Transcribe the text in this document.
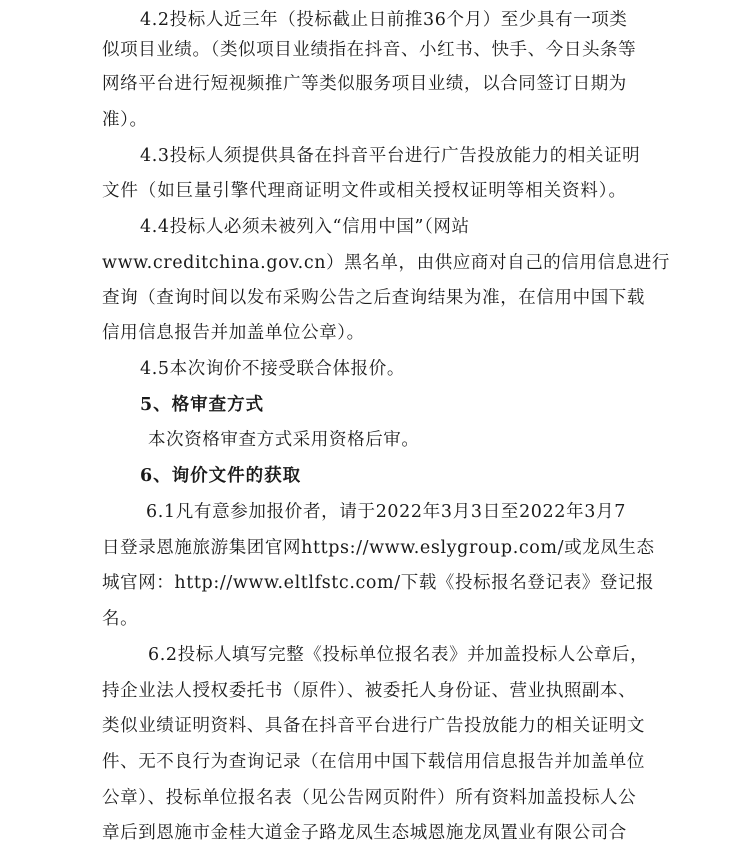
4.2投标人近三年（投标截止日前推36个月）至少具有一项类
似项目业绩。（类似项目业绩指在抖音、小红书、快手、今日头条等
网络平台进行短视频推广等类似服务项目业绩，以合同签订日期为
准）。
4.3投标人须提供具备在抖音平台进行广告投放能力的相关证明
文件（如巨量引擎代理商证明文件或相关授权证明等相关资料）。
4.4投标人必须未被列入“信用中国”（网站
www.creditchina.gov.cn）黑名单，由供应商对自己的信用信息进行
查询（查询时间以发布采购公告之后查询结果为准，在信用中国下载
信用信息报告并加盖单位公章）。
4.5本次询价不接受联合体报价。
5、格审查方式
本次资格审查方式采用资格后审。
6、询价文件的获取
6.1凡有意参加报价者，请于2022年3月3日至2022年3月7
日登录恩施旅游集团官网https://www.eslygroup.com/或龙凤生态
城官网：http://www.eltlfstc.com/下载《投标报名登记表》登记报
名。
6.2投标人填写完整《投标单位报名表》并加盖投标人公章后，
持企业法人授权委托书（原件）、被委托人身份证、营业执照副本、
类似业绩证明资料、具备在抖音平台进行广告投放能力的相关证明文
件、无不良行为查询记录（在信用中国下载信用信息报告并加盖单位
公章）、投标单位报名表（见公告网页附件）所有资料加盖投标人公
章后到恩施市金桂大道金子路龙凤生态城恩施龙凤置业有限公司合
